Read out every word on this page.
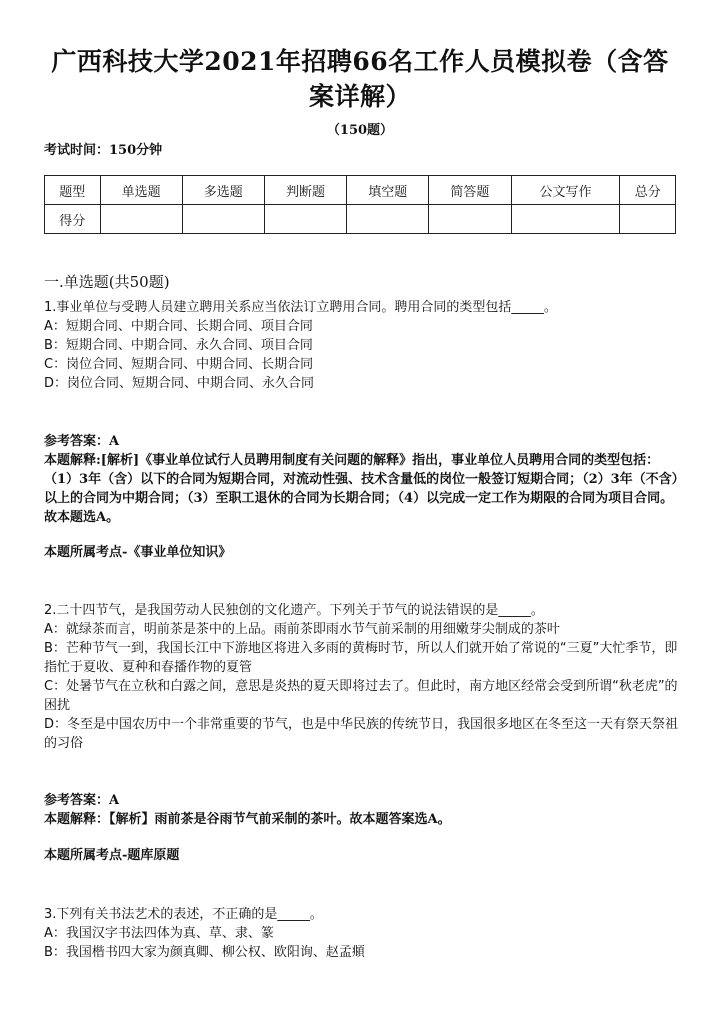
广西科技大学2021年招聘66名工作人员模拟卷（含答案详解）
（150题）
考试时间：150分钟
题型	单选题	多选题	判断题	填空题	简答题	公文写作	总分
得分							
一.单选题(共50题)

1.事业单位与受聘人员建立聘用关系应当依法订立聘用合同。聘用合同的类型包括_____。

A：短期合同、中期合同、长期合同、项目合同

B：短期合同、中期合同、永久合同、项目合同

C：岗位合同、短期合同、中期合同、长期合同

D：岗位合同、短期合同、中期合同、永久合同

参考答案：A

本题解释:[解析]《事业单位试行人员聘用制度有关问题的解释》指出，事业单位人员聘用合同的类型包括：（1）3年（含）以下的合同为短期合同，对流动性强、技术含量低的岗位一般签订短期合同；（2）3年（不含）以上的合同为中期合同；（3）至职工退休的合同为长期合同；（4）以完成一定工作为期限的合同为项目合同。故本题选A。

本题所属考点-《事业单位知识》

2.二十四节气，是我国劳动人民独创的文化遗产。下列关于节气的说法错误的是_____。

A：就绿茶而言，明前茶是茶中的上品。雨前茶即雨水节气前采制的用细嫩芽尖制成的茶叶

B：芒种节气一到，我国长江中下游地区将进入多雨的黄梅时节，所以人们就开始了常说的“三夏”大忙季节，即指忙于夏收、夏种和春播作物的夏管

C：处暑节气在立秋和白露之间，意思是炎热的夏天即将过去了。但此时，南方地区经常会受到所谓“秋老虎”的困扰

D：冬至是中国农历中一个非常重要的节气，也是中华民族的传统节日，我国很多地区在冬至这一天有祭天祭祖的习俗

参考答案：A

本题解释：【解析】雨前茶是谷雨节气前采制的茶叶。故本题答案选A。

本题所属考点-题库原题

3.下列有关书法艺术的表述，不正确的是_____。

A：我国汉字书法四体为真、草、隶、篆

B：我国楷书四大家为颜真卿、柳公权、欧阳询、赵孟頫
